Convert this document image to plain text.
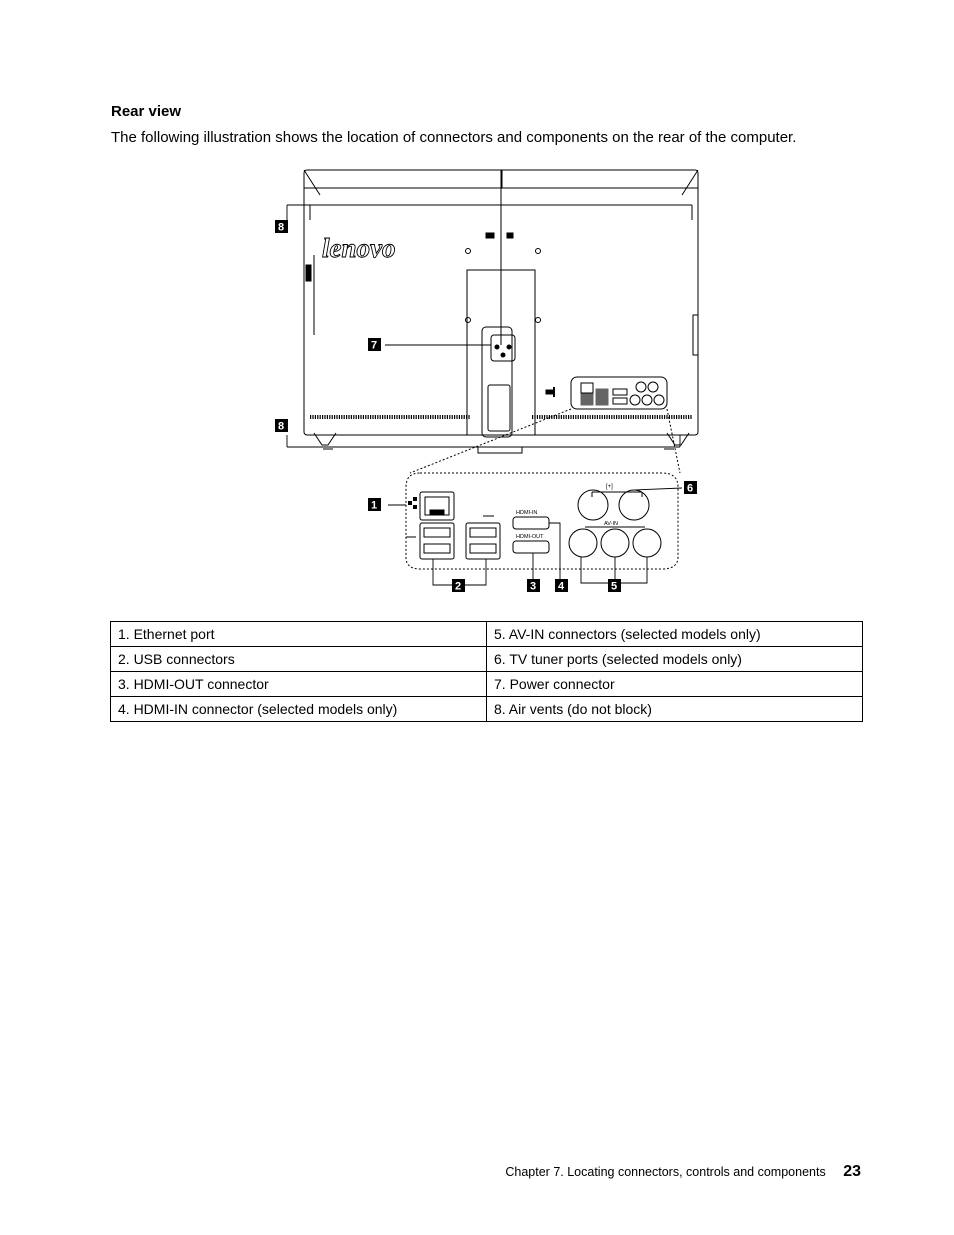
Rear view

The following illustration shows the location of connectors and components on the rear of the computer.

lenovo
HDMI-IN
HDMI-OUT
[+]
AV-IN
8
7
8
1
6
2	3 4	5
1. Ethernet port	5. AV-IN connectors (selected models only)
2. USB connectors	6. TV tuner ports (selected models only)
3. HDMI-OUT connector	7. Power connector
4. HDMI-IN connector (selected models only)	8. Air vents (do not block)
Chapter 7. Locating connectors, controls and components 23
